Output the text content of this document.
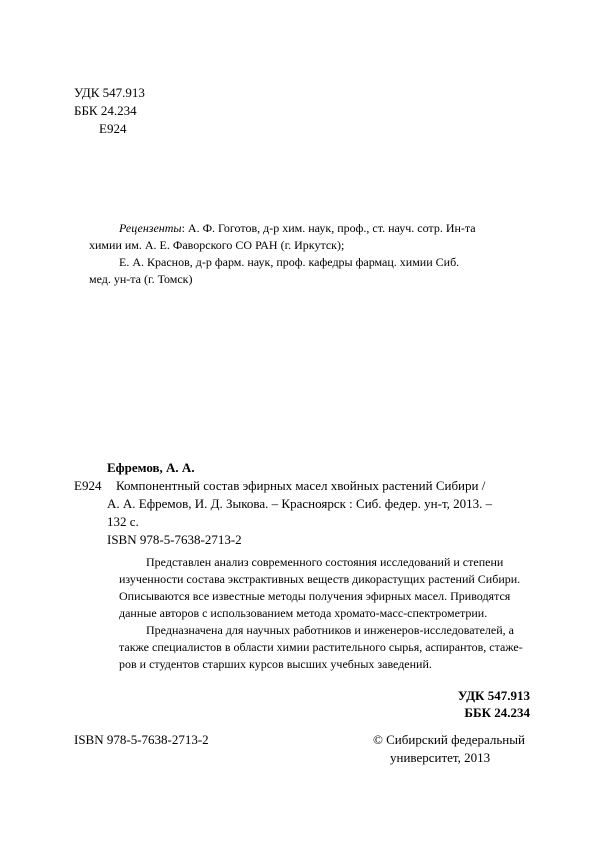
УДК 547.913
ББК 24.234
Е924
Рецензенты: А. Ф. Гоготов, д-р хим. наук, проф., ст. науч. сотр. Ин-та
химии им. А. Е. Фаворского СО РАН (г. Иркутск);
Е. А. Краснов, д-р фарм. наук, проф. кафедры фармац. химии Сиб.
мед. ун-та (г. Томск)
Ефремов, А. А.
Е924	Компонентный состав эфирных масел хвойных растений Сибири /
А. А. Ефремов, И. Д. Зыкова. – Красноярск : Сиб. федер. ун-т, 2013. –
132 с.
ISBN 978-5-7638-2713-2
Представлен анализ современного состояния исследований и степени
изученности состава экстрактивных веществ дикорастущих растений Сибири.
Описываются все известные методы получения эфирных масел. Приводятся
данные авторов с использованием метода хромато-масс-спектрометрии.
Предназначена для научных работников и инженеров-исследователей, а
также специалистов в области химии растительного сырья, аспирантов, стаже-
ров и студентов старших курсов высших учебных заведений.
УДК 547.913
ББК 24.234
ISBN 978-5-7638-2713-2	© Сибирский федеральный
университет, 2013
